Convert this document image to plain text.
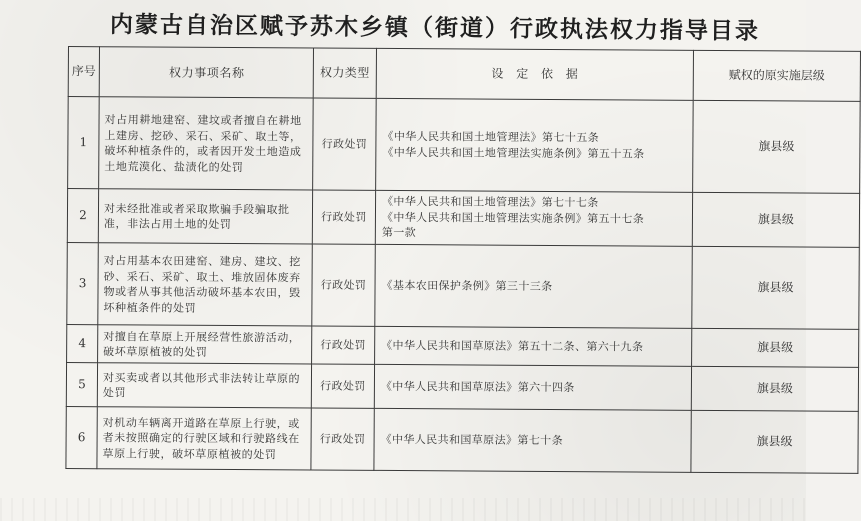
内蒙古自治区赋予苏木乡镇（街道）行政执法权力指导目录
序号	权力事项名称	权力类型	设　定　依　据	赋权的原实施层级
1	对占用耕地建窑、建坟或者擅自在耕地上建房、挖砂、采石、采矿、取土等，破坏种植条件的，或者因开发土地造成土地荒漠化、盐渍化的处罚	行政处罚	《中华人民共和国土地管理法》第七十五条
《中华人民共和国土地管理法实施条例》第五十五条	旗县级
2	对未经批准或者采取欺骗手段骗取批准，非法占用土地的处罚	行政处罚	《中华人民共和国土地管理法》第七十七条
《中华人民共和国土地管理法实施条例》第五十七条
第一款	旗县级
3	对占用基本农田建窑、建房、建坟、挖砂、采石、采矿、取土、堆放固体废弃物或者从事其他活动破坏基本农田，毁坏种植条件的处罚	行政处罚	《基本农田保护条例》第三十三条	旗县级
4	对擅自在草原上开展经营性旅游活动，破坏草原植被的处罚	行政处罚	《中华人民共和国草原法》第五十二条、第六十九条	旗县级
5	对买卖或者以其他形式非法转让草原的处罚	行政处罚	《中华人民共和国草原法》第六十四条	旗县级
6	对机动车辆离开道路在草原上行驶，或者未按照确定的行驶区域和行驶路线在草原上行驶，破坏草原植被的处罚	行政处罚	《中华人民共和国草原法》第七十条	旗县级
